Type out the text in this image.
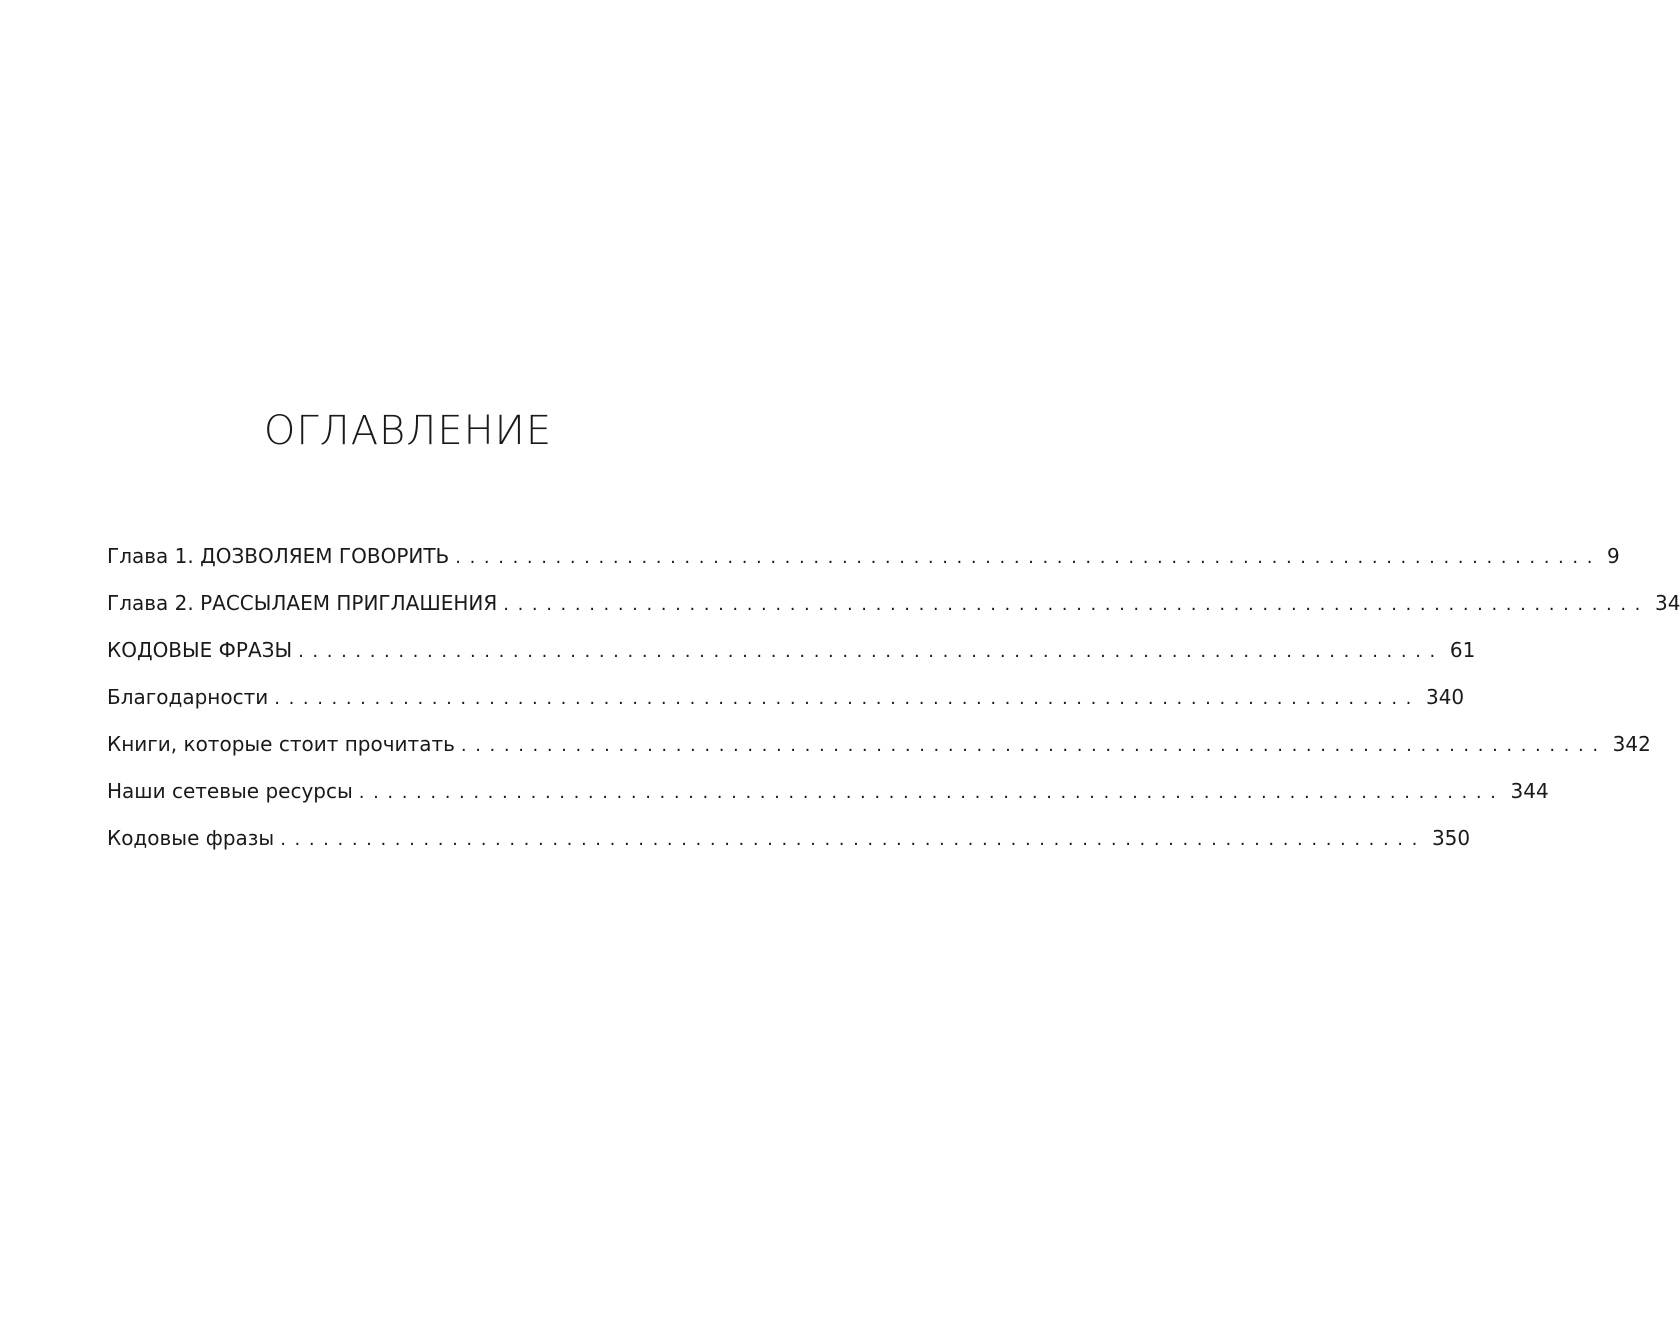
ОГЛАВЛЕНИЕ
Глава 1. ДОЗВОЛЯЕМ ГОВОРИТЬ ................................................................................ 9
Глава 2. РАССЫЛАЕМ ПРИГЛАШЕНИЯ ................................................................................ 34
КОДОВЫЕ ФРАЗЫ ................................................................................ 61
Благодарности ................................................................................ 340
Книги, которые стоит прочитать ................................................................................ 342
Наши сетевые ресурсы ................................................................................ 344
Кодовые фразы ................................................................................ 350
